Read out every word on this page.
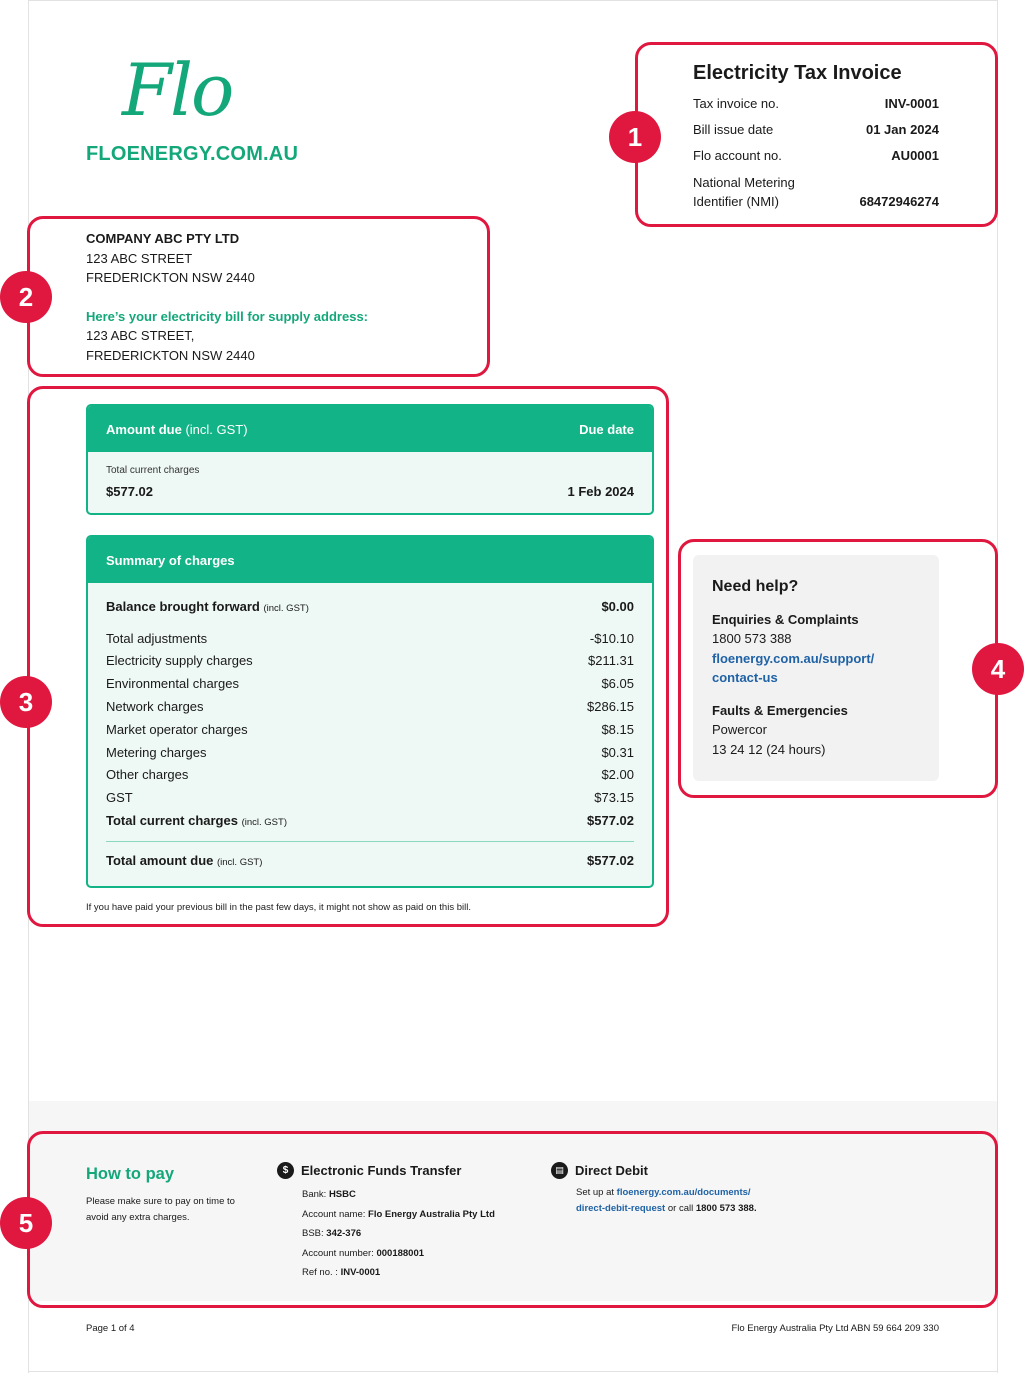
Flo
FLOENERGY.COM.AU
1
Electricity Tax Invoice
Tax invoice no.	INV-0001
Bill issue date	01 Jan 2024
Flo account no.	AU0001
National Metering
Identifier (NMI)	68472946274
2
COMPANY ABC PTY LTD
123 ABC STREET
FREDERICKTON NSW 2440
Here’s your electricity bill for supply address:
123 ABC STREET,
FREDERICKTON NSW 2440
3
Amount due (incl. GST)	Due date
Total current charges
$577.02	1 Feb 2024
Summary of charges
Balance brought forward (incl. GST)	$0.00
Total adjustments	-$10.10
Electricity supply charges	$211.31
Environmental charges	$6.05
Network charges	$286.15
Market operator charges	$8.15
Metering charges	$0.31
Other charges	$2.00
GST	$73.15
Total current charges (incl. GST)	$577.02
Total amount due (incl. GST)	$577.02
If you have paid your previous bill in the past few days, it might not show as paid on this bill.
4
Need help?
Enquiries & Complaints
1800 573 388
floenergy.com.au/support/
contact-us
Faults & Emergencies
Powercor
13 24 12 (24 hours)
5
How to pay
Please make sure to pay on time to avoid any extra charges.
$ Electronic Funds Transfer
Bank: HSBC
Account name: Flo Energy Australia Pty Ltd
BSB: 342-376
Account number: 000188001
Ref no. : INV-0001
▤ Direct Debit
Set up at floenergy.com.au/documents/
direct-debit-request or call 1800 573 388.
Page 1 of 4	Flo Energy Australia Pty Ltd ABN 59 664 209 330
